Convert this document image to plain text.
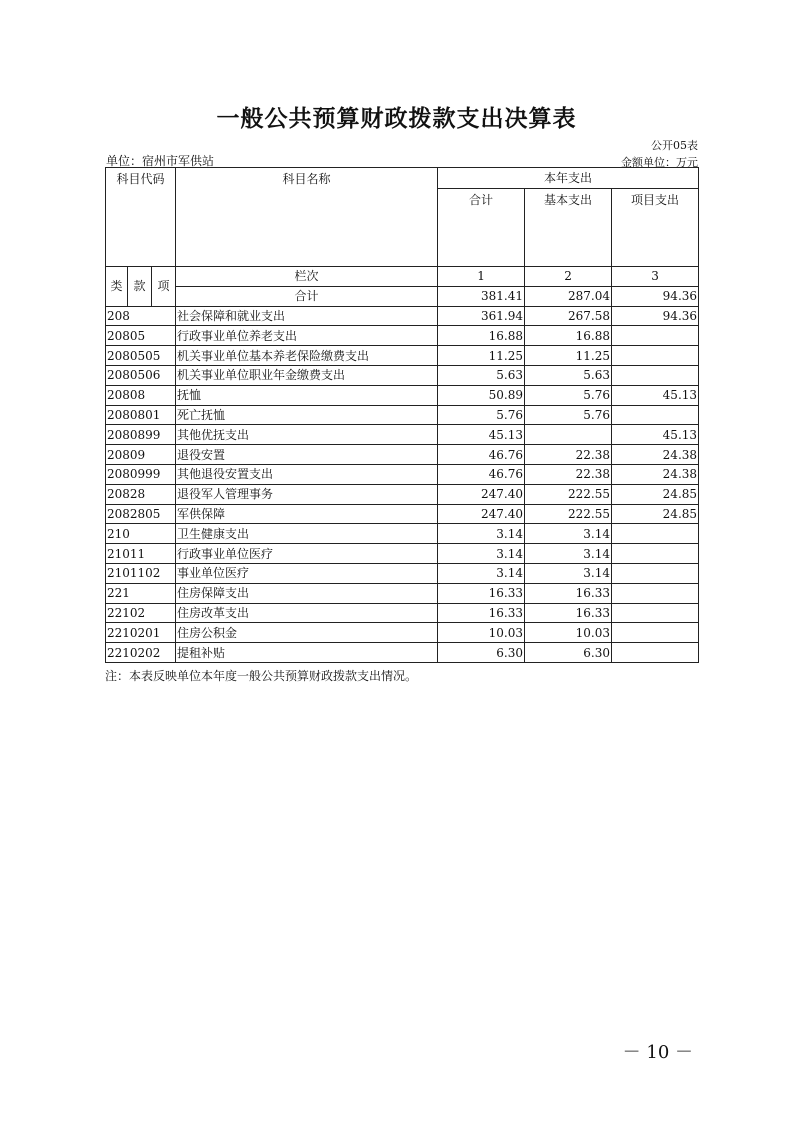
一般公共预算财政拨款支出决算表
公开05表
单位：宿州市军供站	金额单位：万元
科目代码			科目名称	本年支出		
				合计	基本支出	项目支出
类	款	项	栏次	1	2	3
			合计	381.41	287.04	94.36
208			社会保障和就业支出	361.94	267.58	94.36
20805			行政事业单位养老支出	16.88	16.88	
2080505			机关事业单位基本养老保险缴费支出	11.25	11.25	
2080506			机关事业单位职业年金缴费支出	5.63	5.63	
20808			抚恤	50.89	5.76	45.13
2080801			死亡抚恤	5.76	5.76	
2080899			其他优抚支出	45.13		45.13
20809			退役安置	46.76	22.38	24.38
2080999			其他退役安置支出	46.76	22.38	24.38
20828			退役军人管理事务	247.40	222.55	24.85
2082805			军供保障	247.40	222.55	24.85
210			卫生健康支出	3.14	3.14	
21011			行政事业单位医疗	3.14	3.14	
2101102			事业单位医疗	3.14	3.14	
221			住房保障支出	16.33	16.33	
22102			住房改革支出	16.33	16.33	
2210201			住房公积金	10.03	10.03	
2210202			提租补贴	6.30	6.30	
注：本表反映单位本年度一般公共预算财政拨款支出情况。
－ 10 －
